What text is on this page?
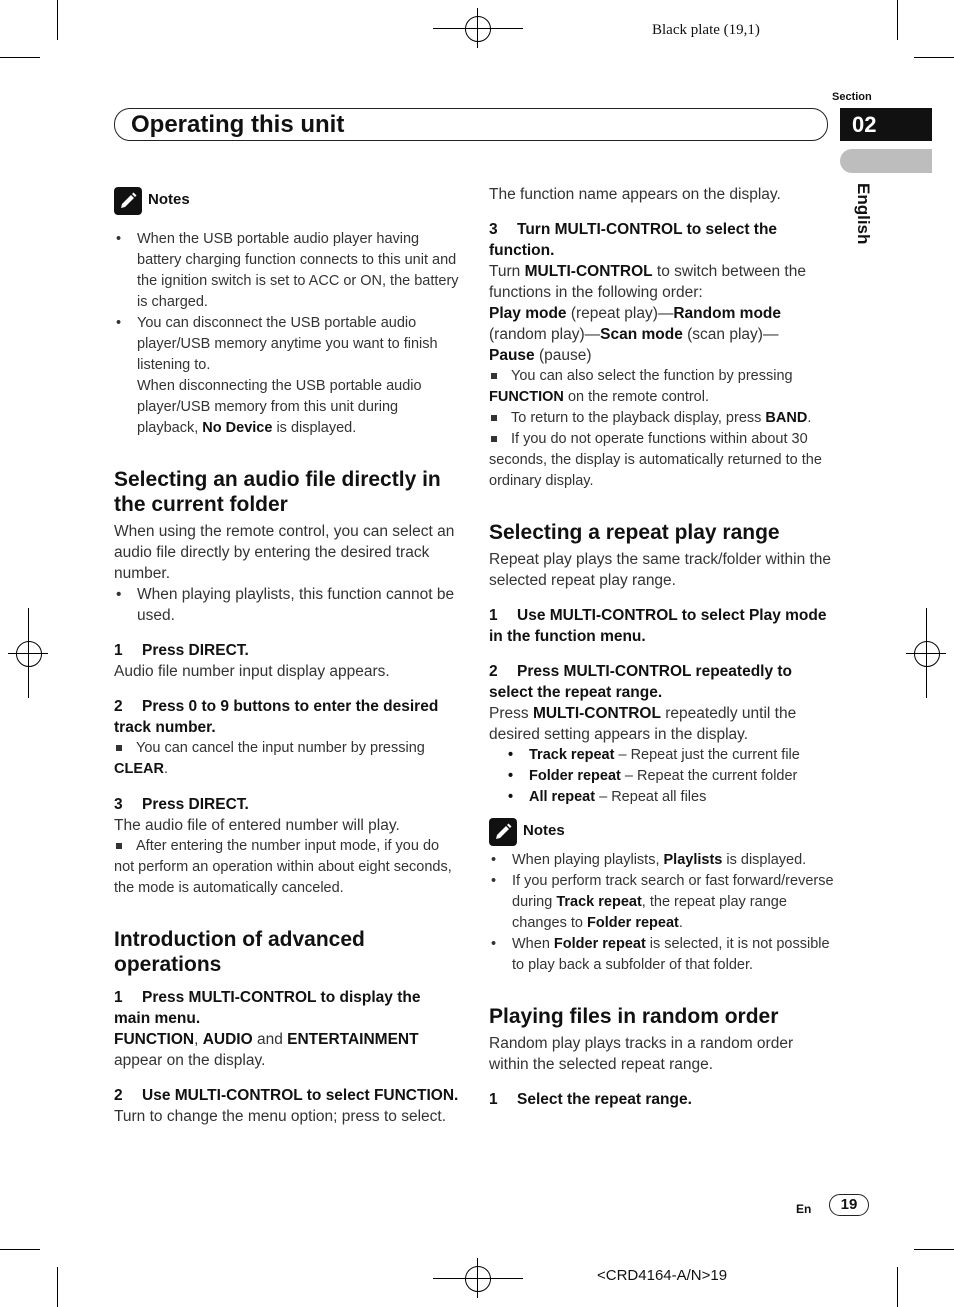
Black plate (19,1)
<CRD4164-A/N>19
Section
02
English
Operating this unit
Notes
• When the USB portable audio player having battery charging function connects to this unit and the ignition switch is set to ACC or ON, the battery is charged.
• You can disconnect the USB portable audio player/USB memory anytime you want to finish listening to.
When disconnecting the USB portable audio player/USB memory from this unit during playback, No Device is displayed.
Selecting an audio file directly in the current folder
When using the remote control, you can select an audio file directly by entering the desired track number.
• When playing playlists, this function cannot be used.
1 Press DIRECT.
Audio file number input display appears.
2 Press 0 to 9 buttons to enter the desired track number.
You can cancel the input number by pressing CLEAR.
3 Press DIRECT.
The audio file of entered number will play.
After entering the number input mode, if you do not perform an operation within about eight seconds, the mode is automatically canceled.
Introduction of advanced operations
1 Press MULTI-CONTROL to display the main menu.
FUNCTION, AUDIO and ENTERTAINMENT
appear on the display.
2 Use MULTI-CONTROL to select FUNCTION.
Turn to change the menu option; press to select.
The function name appears on the display.
3 Turn MULTI-CONTROL to select the function.
Turn MULTI-CONTROL to switch between the functions in the following order:
Play mode (repeat play)—Random mode
(random play)—Scan mode (scan play)—
Pause (pause)
You can also select the function by pressing FUNCTION on the remote control.
To return to the playback display, press BAND.
If you do not operate functions within about 30 seconds, the display is automatically returned to the ordinary display.
Selecting a repeat play range
Repeat play plays the same track/folder within the selected repeat play range.
1 Use MULTI-CONTROL to select Play mode in the function menu.
2 Press MULTI-CONTROL repeatedly to select the repeat range.
Press MULTI-CONTROL repeatedly until the desired setting appears in the display.
• Track repeat – Repeat just the current file
• Folder repeat – Repeat the current folder
• All repeat – Repeat all files
Notes
• When playing playlists, Playlists is displayed.
• If you perform track search or fast forward/reverse during Track repeat, the repeat play range changes to Folder repeat.
• When Folder repeat is selected, it is not possible to play back a subfolder of that folder.
Playing files in random order
Random play plays tracks in a random order within the selected repeat range.
1 Select the repeat range.
En	19
